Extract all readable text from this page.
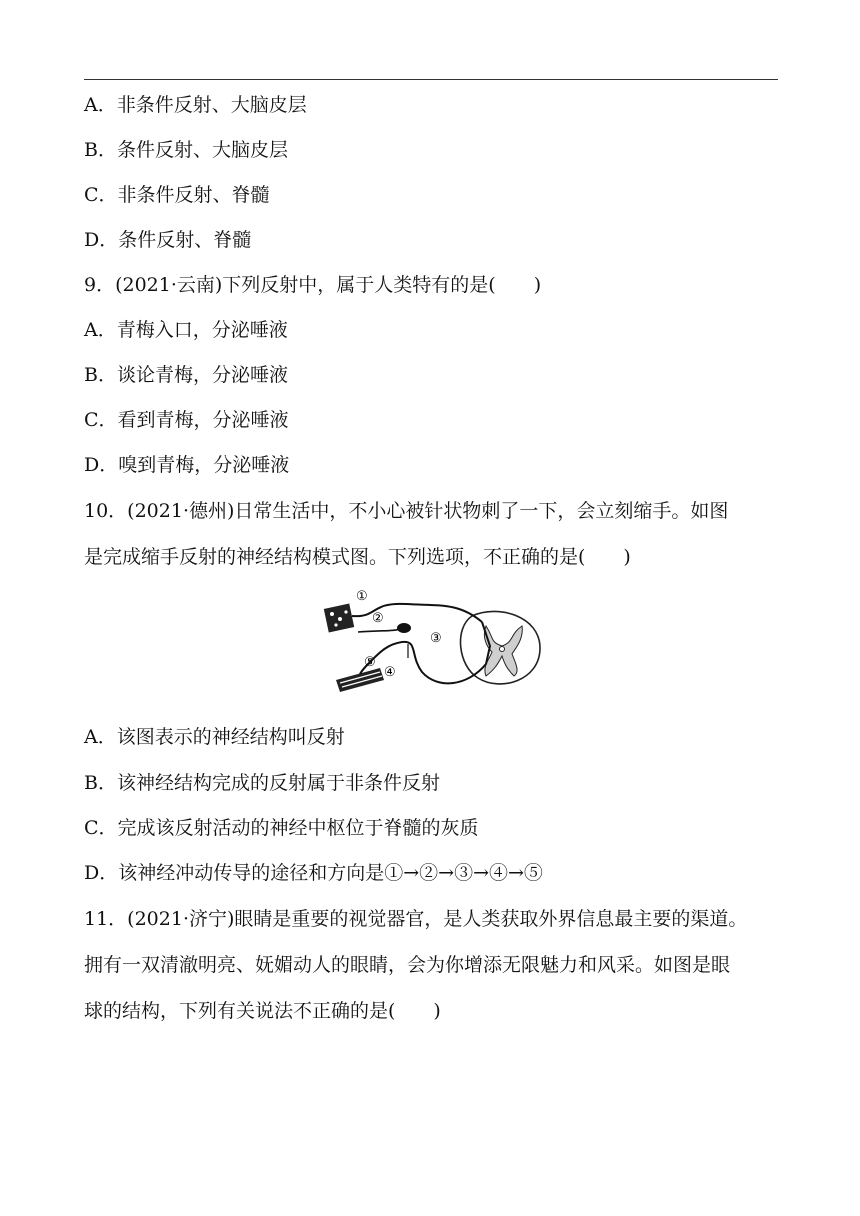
A．非条件反射、大脑皮层
B．条件反射、大脑皮层
C．非条件反射、脊髓
D．条件反射、脊髓
9．(2021·云南)下列反射中，属于人类特有的是(　　)
A．青梅入口，分泌唾液
B．谈论青梅，分泌唾液
C．看到青梅，分泌唾液
D．嗅到青梅，分泌唾液
10．(2021·德州)日常生活中，不小心被针状物刺了一下，会立刻缩手。如图
是完成缩手反射的神经结构模式图。下列选项，不正确的是(　　)
①
②
③
④
⑤
A．该图表示的神经结构叫反射
B．该神经结构完成的反射属于非条件反射
C．完成该反射活动的神经中枢位于脊髓的灰质
D．该神经冲动传导的途径和方向是①→②→③→④→⑤
11．(2021·济宁)眼睛是重要的视觉器官，是人类获取外界信息最主要的渠道。
拥有一双清澈明亮、妩媚动人的眼睛，会为你增添无限魅力和风采。如图是眼
球的结构，下列有关说法不正确的是(　　)
